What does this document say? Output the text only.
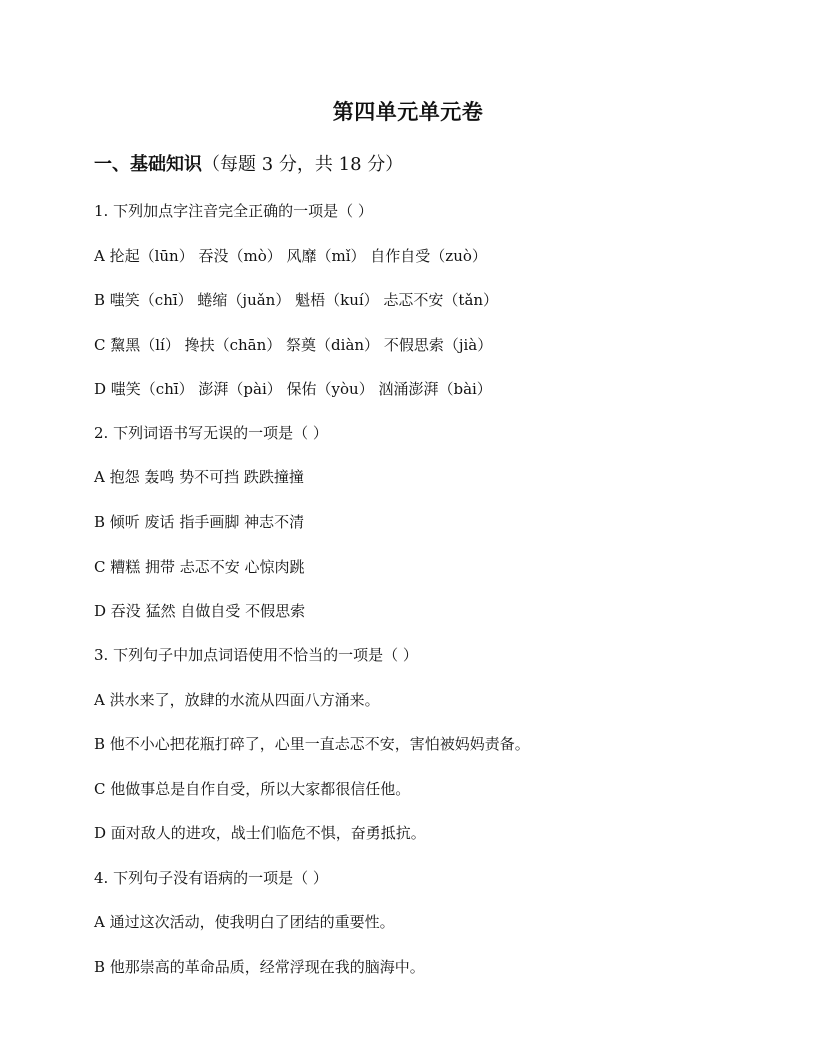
第四单元单元卷
一、基础知识（每题 3 分，共 18 分）
1. 下列加点字注音完全正确的一项是（ ）
A 抡起（lūn） 吞没（mò） 风靡（mǐ） 自作自受（zuò）
B 嗤笑（chī） 蜷缩（juǎn） 魁梧（kuí） 忐忑不安（tǎn）
C 黧黑（lí） 搀扶（chān） 祭奠（diàn） 不假思索（jià）
D 嗤笑（chī） 澎湃（pài） 保佑（yòu） 汹涌澎湃（bài）
2. 下列词语书写无误的一项是（ ）
A 抱怨 轰鸣 势不可挡 跌跌撞撞
B 倾听 废话 指手画脚 神志不清
C 糟糕 拥带 忐忑不安 心惊肉跳
D 吞没 猛然 自做自受 不假思索
3. 下列句子中加点词语使用不恰当的一项是（ ）
A 洪水来了，放肆的水流从四面八方涌来。
B 他不小心把花瓶打碎了，心里一直忐忑不安，害怕被妈妈责备。
C 他做事总是自作自受，所以大家都很信任他。
D 面对敌人的进攻，战士们临危不惧，奋勇抵抗。
4. 下列句子没有语病的一项是（ ）
A 通过这次活动，使我明白了团结的重要性。
B 他那崇高的革命品质，经常浮现在我的脑海中。
